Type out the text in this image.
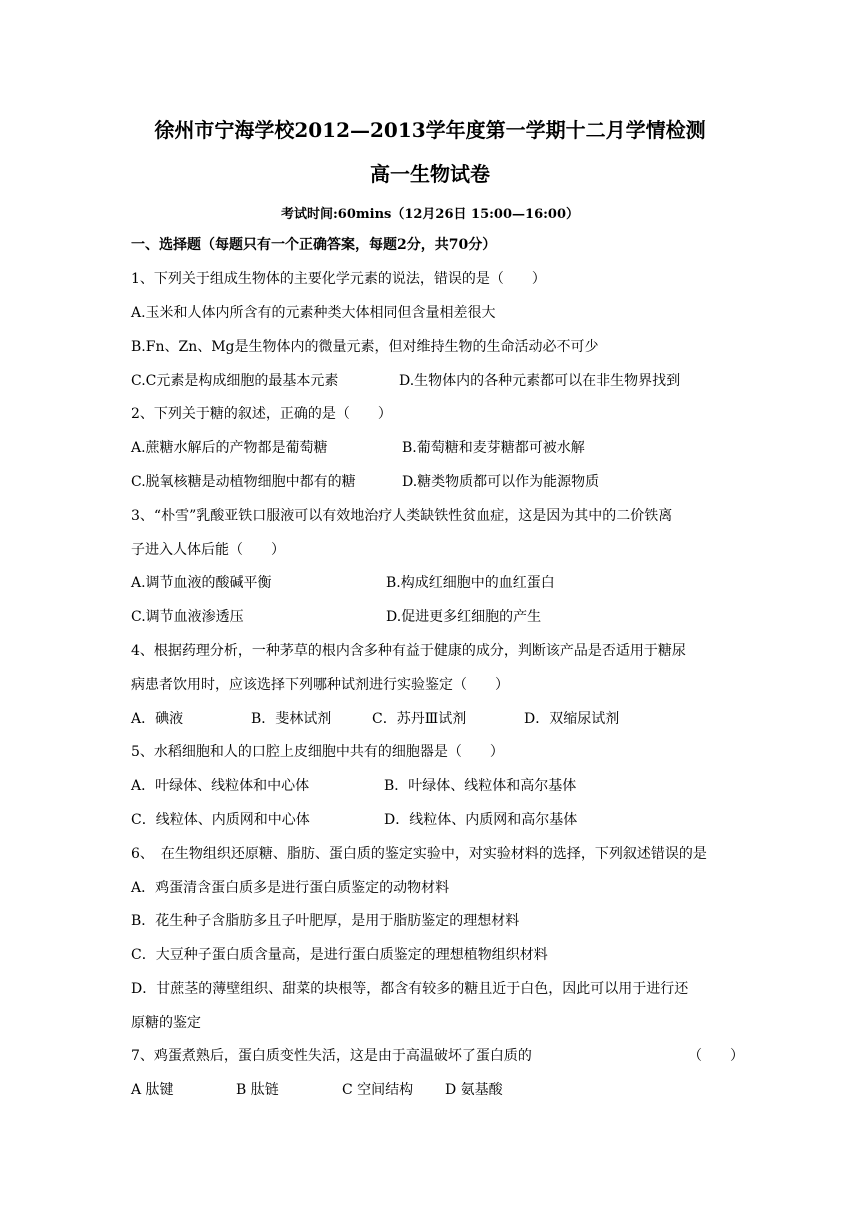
徐州市宁海学校2012—2013学年度第一学期十二月学情检测
高一生物试卷
考试时间:60mins（12月26日 15:00—16:00）
一、选择题（每题只有一个正确答案，每题2分，共70分）
1、下列关于组成生物体的主要化学元素的说法，错误的是（　　）
A.玉米和人体内所含有的元素种类大体相同但含量相差很大
B.Fn、Zn、Mg是生物体内的微量元素，但对维持生物的生命活动必不可少
C.C元素是构成细胞的最基本元素	D.生物体内的各种元素都可以在非生物界找到
2、下列关于糖的叙述，正确的是（　　）
A.蔗糖水解后的产物都是葡萄糖	B.葡萄糖和麦芽糖都可被水解
C.脱氧核糖是动植物细胞中都有的糖	D.糖类物质都可以作为能源物质
3、“朴雪”乳酸亚铁口服液可以有效地治疗人类缺铁性贫血症，这是因为其中的二价铁离
子进入人体后能（　　）
A.调节血液的酸碱平衡	B.构成红细胞中的血红蛋白
C.调节血液渗透压	D.促进更多红细胞的产生
4、根据药理分析，一种茅草的根内含多种有益于健康的成分，判断该产品是否适用于糖尿
病患者饮用时，应该选择下列哪种试剂进行实验鉴定（　　）
A．碘液	B．斐林试剂	C．苏丹Ⅲ试剂	D．双缩尿试剂
5、水稻细胞和人的口腔上皮细胞中共有的细胞器是（　　）
A．叶绿体、线粒体和中心体	B．叶绿体、线粒体和高尔基体
C．线粒体、内质网和中心体	D．线粒体、内质网和高尔基体
6、　在生物组织还原糖、脂肪、蛋白质的鉴定实验中，对实验材料的选择，下列叙述错误的是
A．鸡蛋清含蛋白质多是进行蛋白质鉴定的动物材料
B．花生种子含脂肪多且子叶肥厚，是用于脂肪鉴定的理想材料
C．大豆种子蛋白质含量高，是进行蛋白质鉴定的理想植物组织材料
D．甘蔗茎的薄壁组织、甜菜的块根等，都含有较多的糖且近于白色，因此可以用于进行还
原糖的鉴定
7、鸡蛋煮熟后，蛋白质变性失活，这是由于高温破坏了蛋白质的	（　　）
A 肽键	B 肽链	C 空间结构 D 氨基酸
